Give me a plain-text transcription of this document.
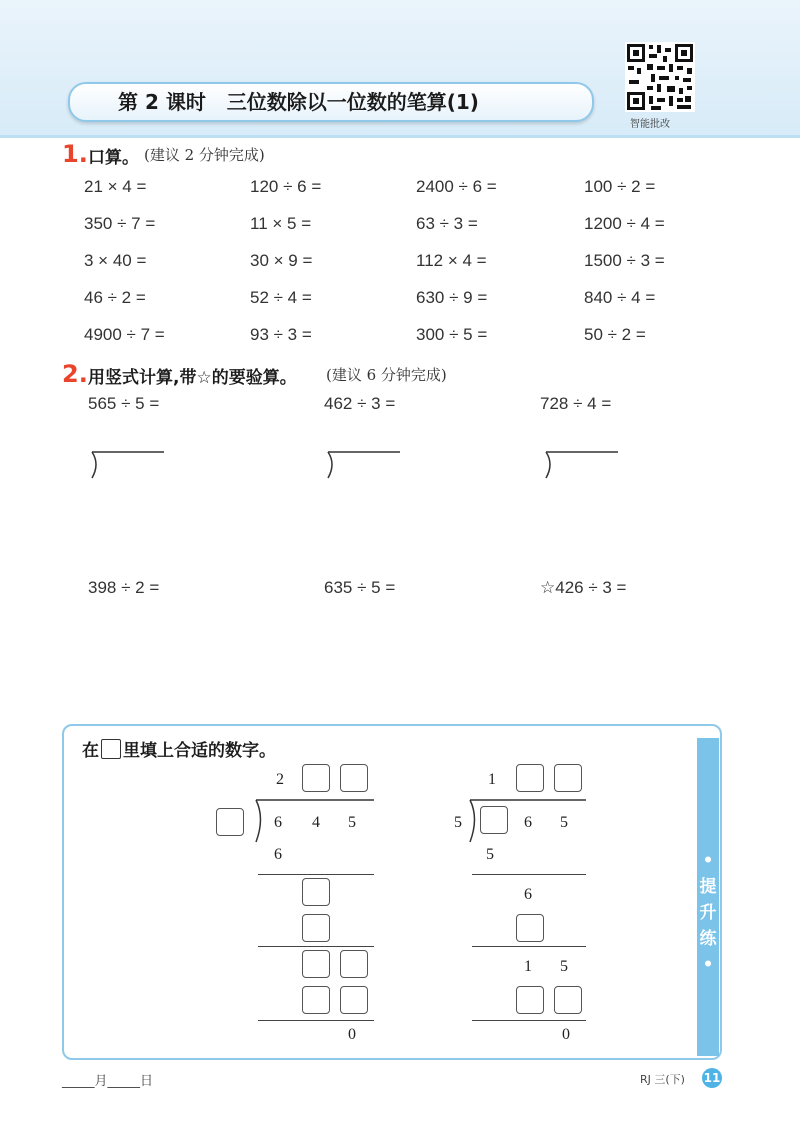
第 2 课时 三位数除以一位数的笔算(1)
智能批改
1. 口算。 (建议 2 分钟完成)
21 × 4 =	120 ÷ 6 =	2400 ÷ 6 =	100 ÷ 2 =
350 ÷ 7 =	11 × 5 =	63 ÷ 3 =	1200 ÷ 4 =
3 × 40 =	30 × 9 =	112 × 4 =	1500 ÷ 3 =
46 ÷ 2 =	52 ÷ 4 =	630 ÷ 9 =	840 ÷ 4 =
4900 ÷ 7 =	93 ÷ 3 =	300 ÷ 5 =	50 ÷ 2 =
2. 用竖式计算,带☆的要验算。 (建议 6 分钟完成)
565 ÷ 5 =	462 ÷ 3 =	728 ÷ 4 =
398 ÷ 2 =	635 ÷ 5 =	☆426 ÷ 3 =
•提升练•
在 里填上合适的数字。
2
6 4 5
6
0
1
5	6 5
5
6
1 5
0
_____月_____日	RJ 三(下) 11
